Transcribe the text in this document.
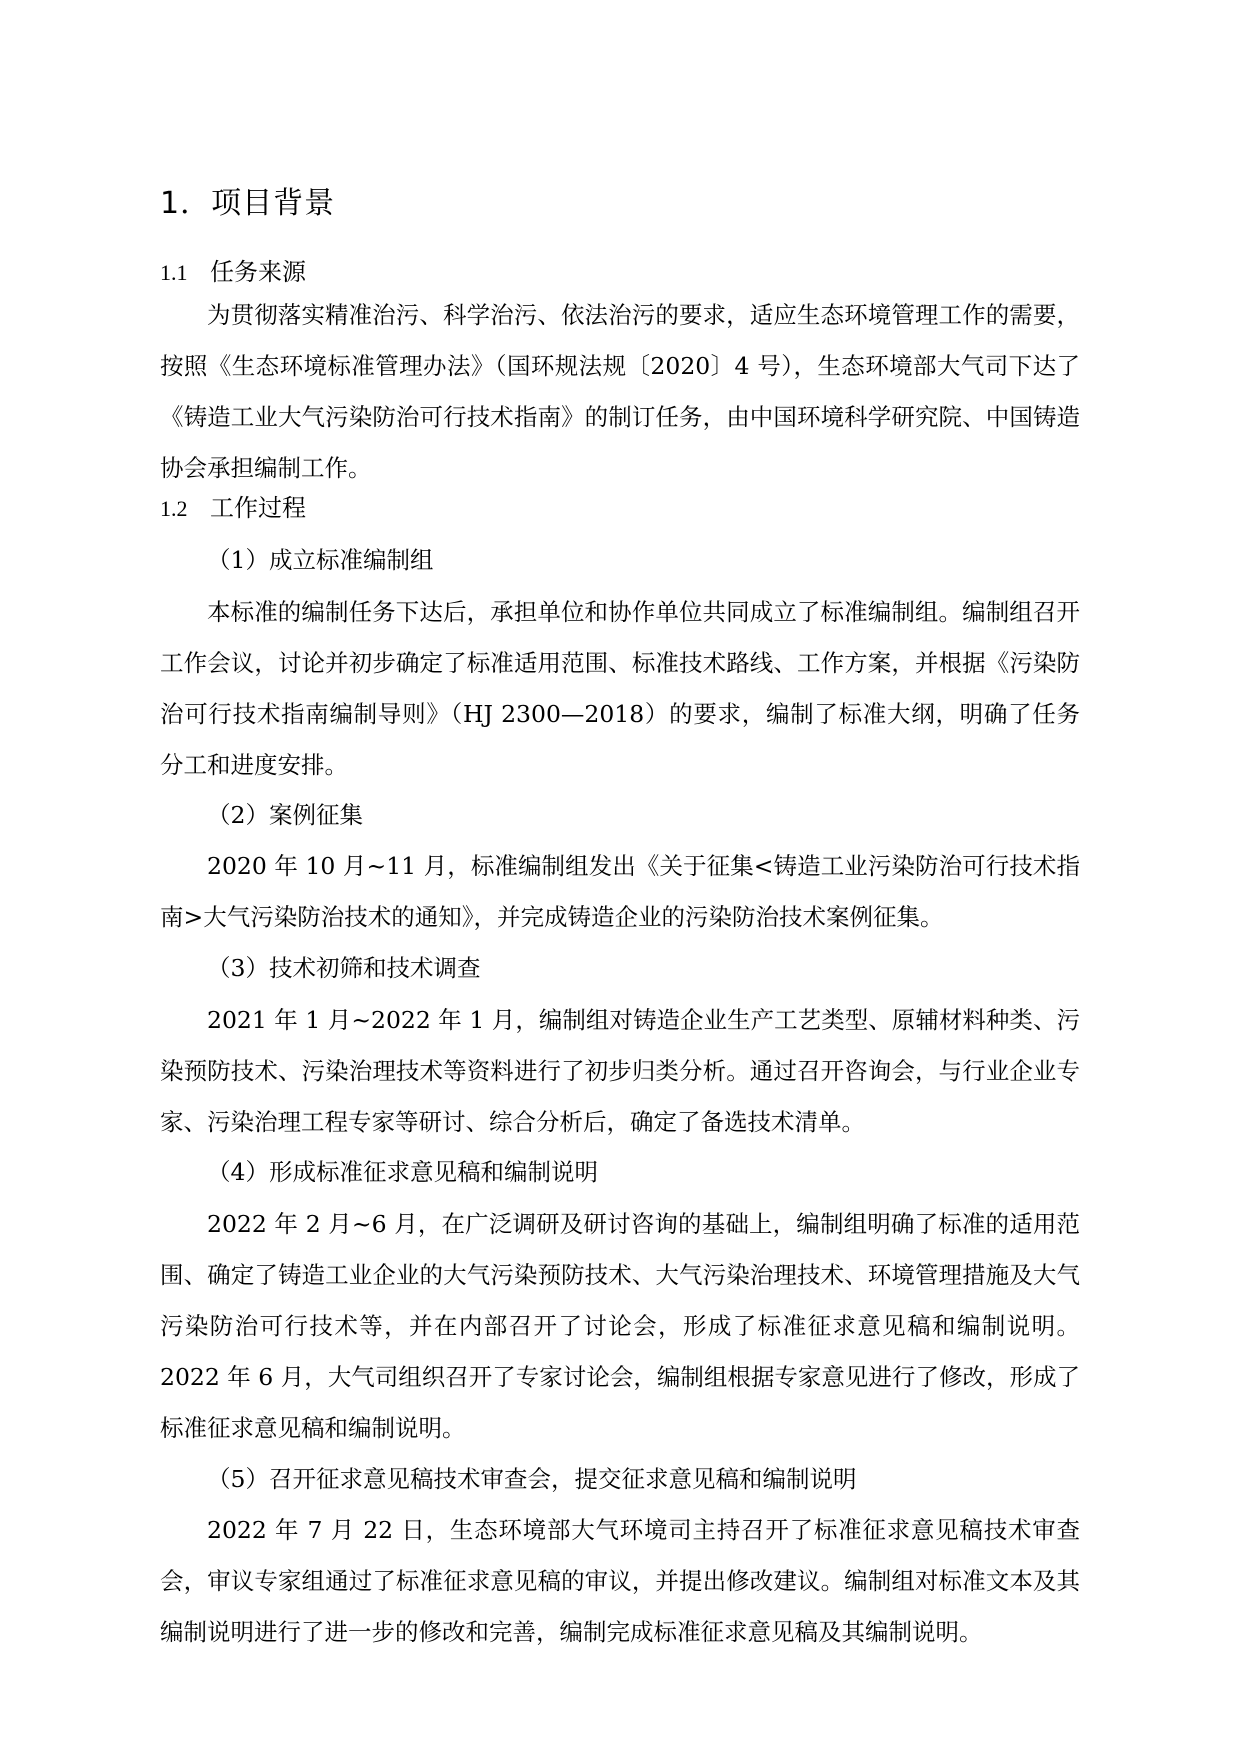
1．项目背景
1.1 任务来源

为贯彻落实精准治污、科学治污、依法治污的要求，适应生态环境管理工作的需要，按照《生态环境标准管理办法》（国环规法规〔2020〕4 号），生态环境部大气司下达了《铸造工业大气污染防治可行技术指南》的制订任务，由中国环境科学研究院、中国铸造协会承担编制工作。

1.2 工作过程

（1）成立标准编制组

本标准的编制任务下达后，承担单位和协作单位共同成立了标准编制组。编制组召开工作会议，讨论并初步确定了标准适用范围、标准技术路线、工作方案，并根据《污染防治可行技术指南编制导则》（HJ 2300—2018）的要求，编制了标准大纲，明确了任务分工和进度安排。

（2）案例征集

2020 年 10 月~11 月，标准编制组发出《关于征集<铸造工业污染防治可行技术指南>大气污染防治技术的通知》，并完成铸造企业的污染防治技术案例征集。

（3）技术初筛和技术调查

2021 年 1 月~2022 年 1 月，编制组对铸造企业生产工艺类型、原辅材料种类、污染预防技术、污染治理技术等资料进行了初步归类分析。通过召开咨询会，与行业企业专家、污染治理工程专家等研讨、综合分析后，确定了备选技术清单。

（4）形成标准征求意见稿和编制说明

2022 年 2 月~6 月，在广泛调研及研讨咨询的基础上，编制组明确了标准的适用范围、确定了铸造工业企业的大气污染预防技术、大气污染治理技术、环境管理措施及大气污染防治可行技术等，并在内部召开了讨论会，形成了标准征求意见稿和编制说明。2022 年 6 月，大气司组织召开了专家讨论会，编制组根据专家意见进行了修改，形成了标准征求意见稿和编制说明。

（5）召开征求意见稿技术审查会，提交征求意见稿和编制说明

2022 年 7 月 22 日，生态环境部大气环境司主持召开了标准征求意见稿技术审查会，审议专家组通过了标准征求意见稿的审议，并提出修改建议。编制组对标准文本及其编制说明进行了进一步的修改和完善，编制完成标准征求意见稿及其编制说明。
